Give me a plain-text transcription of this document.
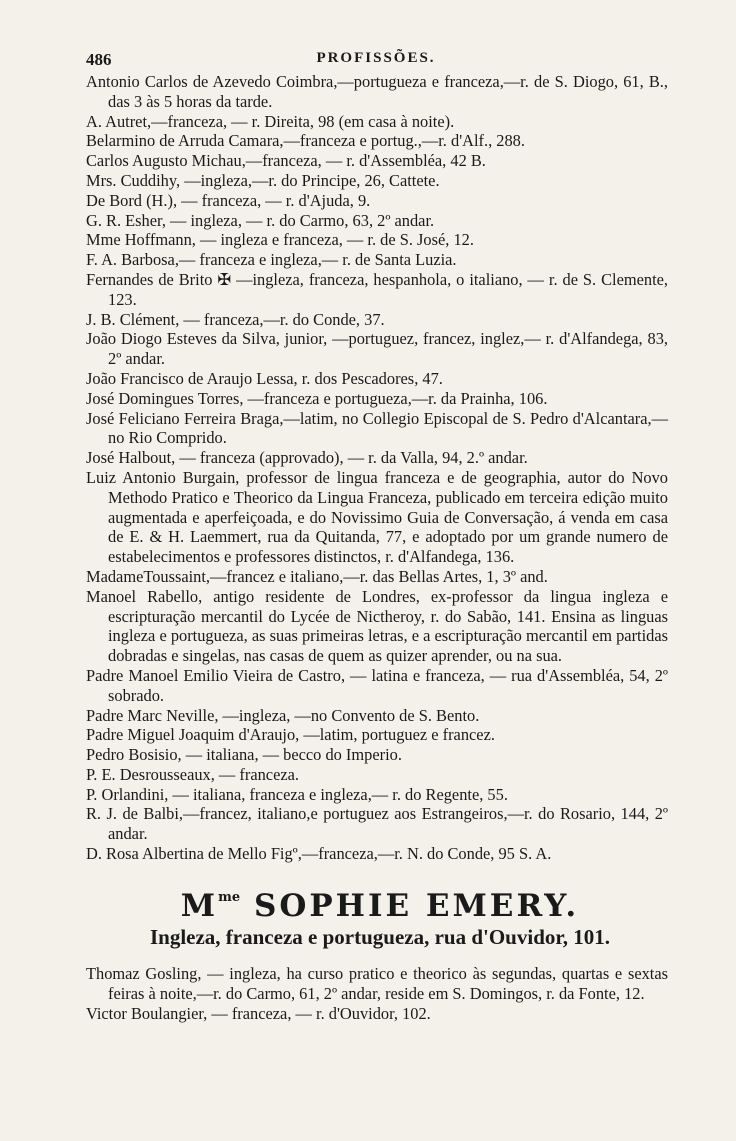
486	PROFISSÕES.

Antonio Carlos de Azevedo Coimbra,—portugueza e franceza,—r. de S. Diogo, 61, B., das 3 às 5 horas da tarde.

A. Autret,—franceza, — r. Direita, 98 (em casa à noite).

Belarmino de Arruda Camara,—franceza e portug.,—r. d'Alf., 288.

Carlos Augusto Michau,—franceza, — r. d'Assembléa, 42 B.

Mrs. Cuddihy, —ingleza,—r. do Principe, 26, Cattete.

De Bord (H.), — franceza, — r. d'Ajuda, 9.

G. R. Esher, — ingleza, — r. do Carmo, 63, 2º andar.

Mme Hoffmann, — ingleza e franceza, — r. de S. José, 12.

F. A. Barbosa,— franceza e ingleza,— r. de Santa Luzia.

Fernandes de Brito ✠ —ingleza, franceza, hespanhola, o italiano, — r. de S. Clemente, 123.

J. B. Clément, — franceza,—r. do Conde, 37.

João Diogo Esteves da Silva, junior, —portuguez, francez, inglez,— r. d'Alfandega, 83, 2º andar.

João Francisco de Araujo Lessa, r. dos Pescadores, 47.

José Domingues Torres, —franceza e portugueza,—r. da Prainha, 106.

José Feliciano Ferreira Braga,—latim, no Collegio Episcopal de S. Pedro d'Alcantara,—no Rio Comprido.

José Halbout, — franceza (approvado), — r. da Valla, 94, 2.º andar.

Luiz Antonio Burgain, professor de lingua franceza e de geographia, autor do Novo Methodo Pratico e Theorico da Lingua Franceza, publicado em terceira edição muito augmentada e aperfeiçoada, e do Novissimo Guia de Conversação, á venda em casa de E. & H. Laemmert, rua da Quitanda, 77, e adoptado por um grande numero de estabelecimentos e professores distinctos, r. d'Alfandega, 136.

MadameToussaint,—francez e italiano,—r. das Bellas Artes, 1, 3º and.

Manoel Rabello, antigo residente de Londres, ex-professor da lingua ingleza e escripturação mercantil do Lycée de Nictheroy, r. do Sabão, 141. Ensina as linguas ingleza e portugueza, as suas primeiras letras, e a escripturação mercantil em partidas dobradas e singelas, nas casas de quem as quizer aprender, ou na sua.

Padre Manoel Emilio Vieira de Castro, — latina e franceza, — rua d'Assembléa, 54, 2º sobrado.

Padre Marc Neville, —ingleza, —no Convento de S. Bento.

Padre Miguel Joaquim d'Araujo, —latim, portuguez e francez.

Pedro Bosisio, — italiana, — becco do Imperio.

P. E. Desrousseaux, — franceza.

P. Orlandini, — italiana, franceza e ingleza,— r. do Regente, 55.

R. J. de Balbi,—francez, italiano,e portuguez aos Estrangeiros,—r. do Rosario, 144, 2º andar.

D. Rosa Albertina de Mello Figº,—franceza,—r. N. do Conde, 95 S. A.

$M^{me}$ SOPHIE EMERY.
Ingleza, franceza e portugueza, rua d'Ouvidor, 101.

Thomaz Gosling, — ingleza, ha curso pratico e theorico às segundas, quartas e sextas feiras à noite,—r. do Carmo, 61, 2º andar, reside em S. Domingos, r. da Fonte, 12.

Victor Boulangier, — franceza, — r. d'Ouvidor, 102.
